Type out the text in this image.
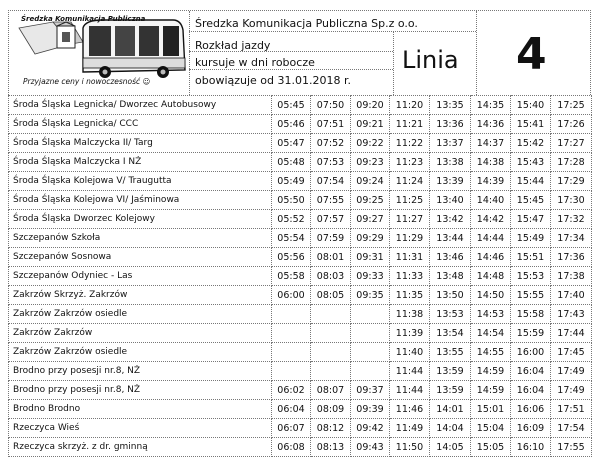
Średzka Komunikacja Publiczna
Przyjazne ceny i nowoczesność ☺
Średzka Komunikacja Publiczna Sp.z o.o.
Rozkład jazdy
kursuje w dni robocze
obowiązuje od 31.01.2018 r.
Linia 4
Środa Śląska Legnicka/ Dworzec Autobusowy	05:45	07:50	09:20	11:20	13:35	14:35	15:40	17:25
Środa Śląska Legnicka/ CCC	05:46	07:51	09:21	11:21	13:36	14:36	15:41	17:26
Środa Śląska Malczycka II/ Targ	05:47	07:52	09:22	11:22	13:37	14:37	15:42	17:27
Środa Śląska Malczycka I NŻ	05:48	07:53	09:23	11:23	13:38	14:38	15:43	17:28
Środa Śląska Kolejowa V/ Traugutta	05:49	07:54	09:24	11:24	13:39	14:39	15:44	17:29
Środa Śląska Kolejowa VI/ Jaśminowa	05:50	07:55	09:25	11:25	13:40	14:40	15:45	17:30
Środa Śląska Dworzec Kolejowy	05:52	07:57	09:27	11:27	13:42	14:42	15:47	17:32
Szczepanów Szkoła	05:54	07:59	09:29	11:29	13:44	14:44	15:49	17:34
Szczepanów Sosnowa	05:56	08:01	09:31	11:31	13:46	14:46	15:51	17:36
Szczepanów Odyniec - Las	05:58	08:03	09:33	11:33	13:48	14:48	15:53	17:38
Zakrzów Skrzyż. Zakrzów	06:00	08:05	09:35	11:35	13:50	14:50	15:55	17:40
Zakrzów Zakrzów osiedle				11:38	13:53	14:53	15:58	17:43
Zakrzów Zakrzów				11:39	13:54	14:54	15:59	17:44
Zakrzów Zakrzów osiedle				11:40	13:55	14:55	16:00	17:45
Brodno przy posesji nr.8, NŻ				11:44	13:59	14:59	16:04	17:49
Brodno przy posesji nr.8, NŻ	06:02	08:07	09:37	11:44	13:59	14:59	16:04	17:49
Brodno Brodno	06:04	08:09	09:39	11:46	14:01	15:01	16:06	17:51
Rzeczyca Wieś	06:07	08:12	09:42	11:49	14:04	15:04	16:09	17:54
Rzeczyca skrzyż. z dr. gminną	06:08	08:13	09:43	11:50	14:05	15:05	16:10	17:55
